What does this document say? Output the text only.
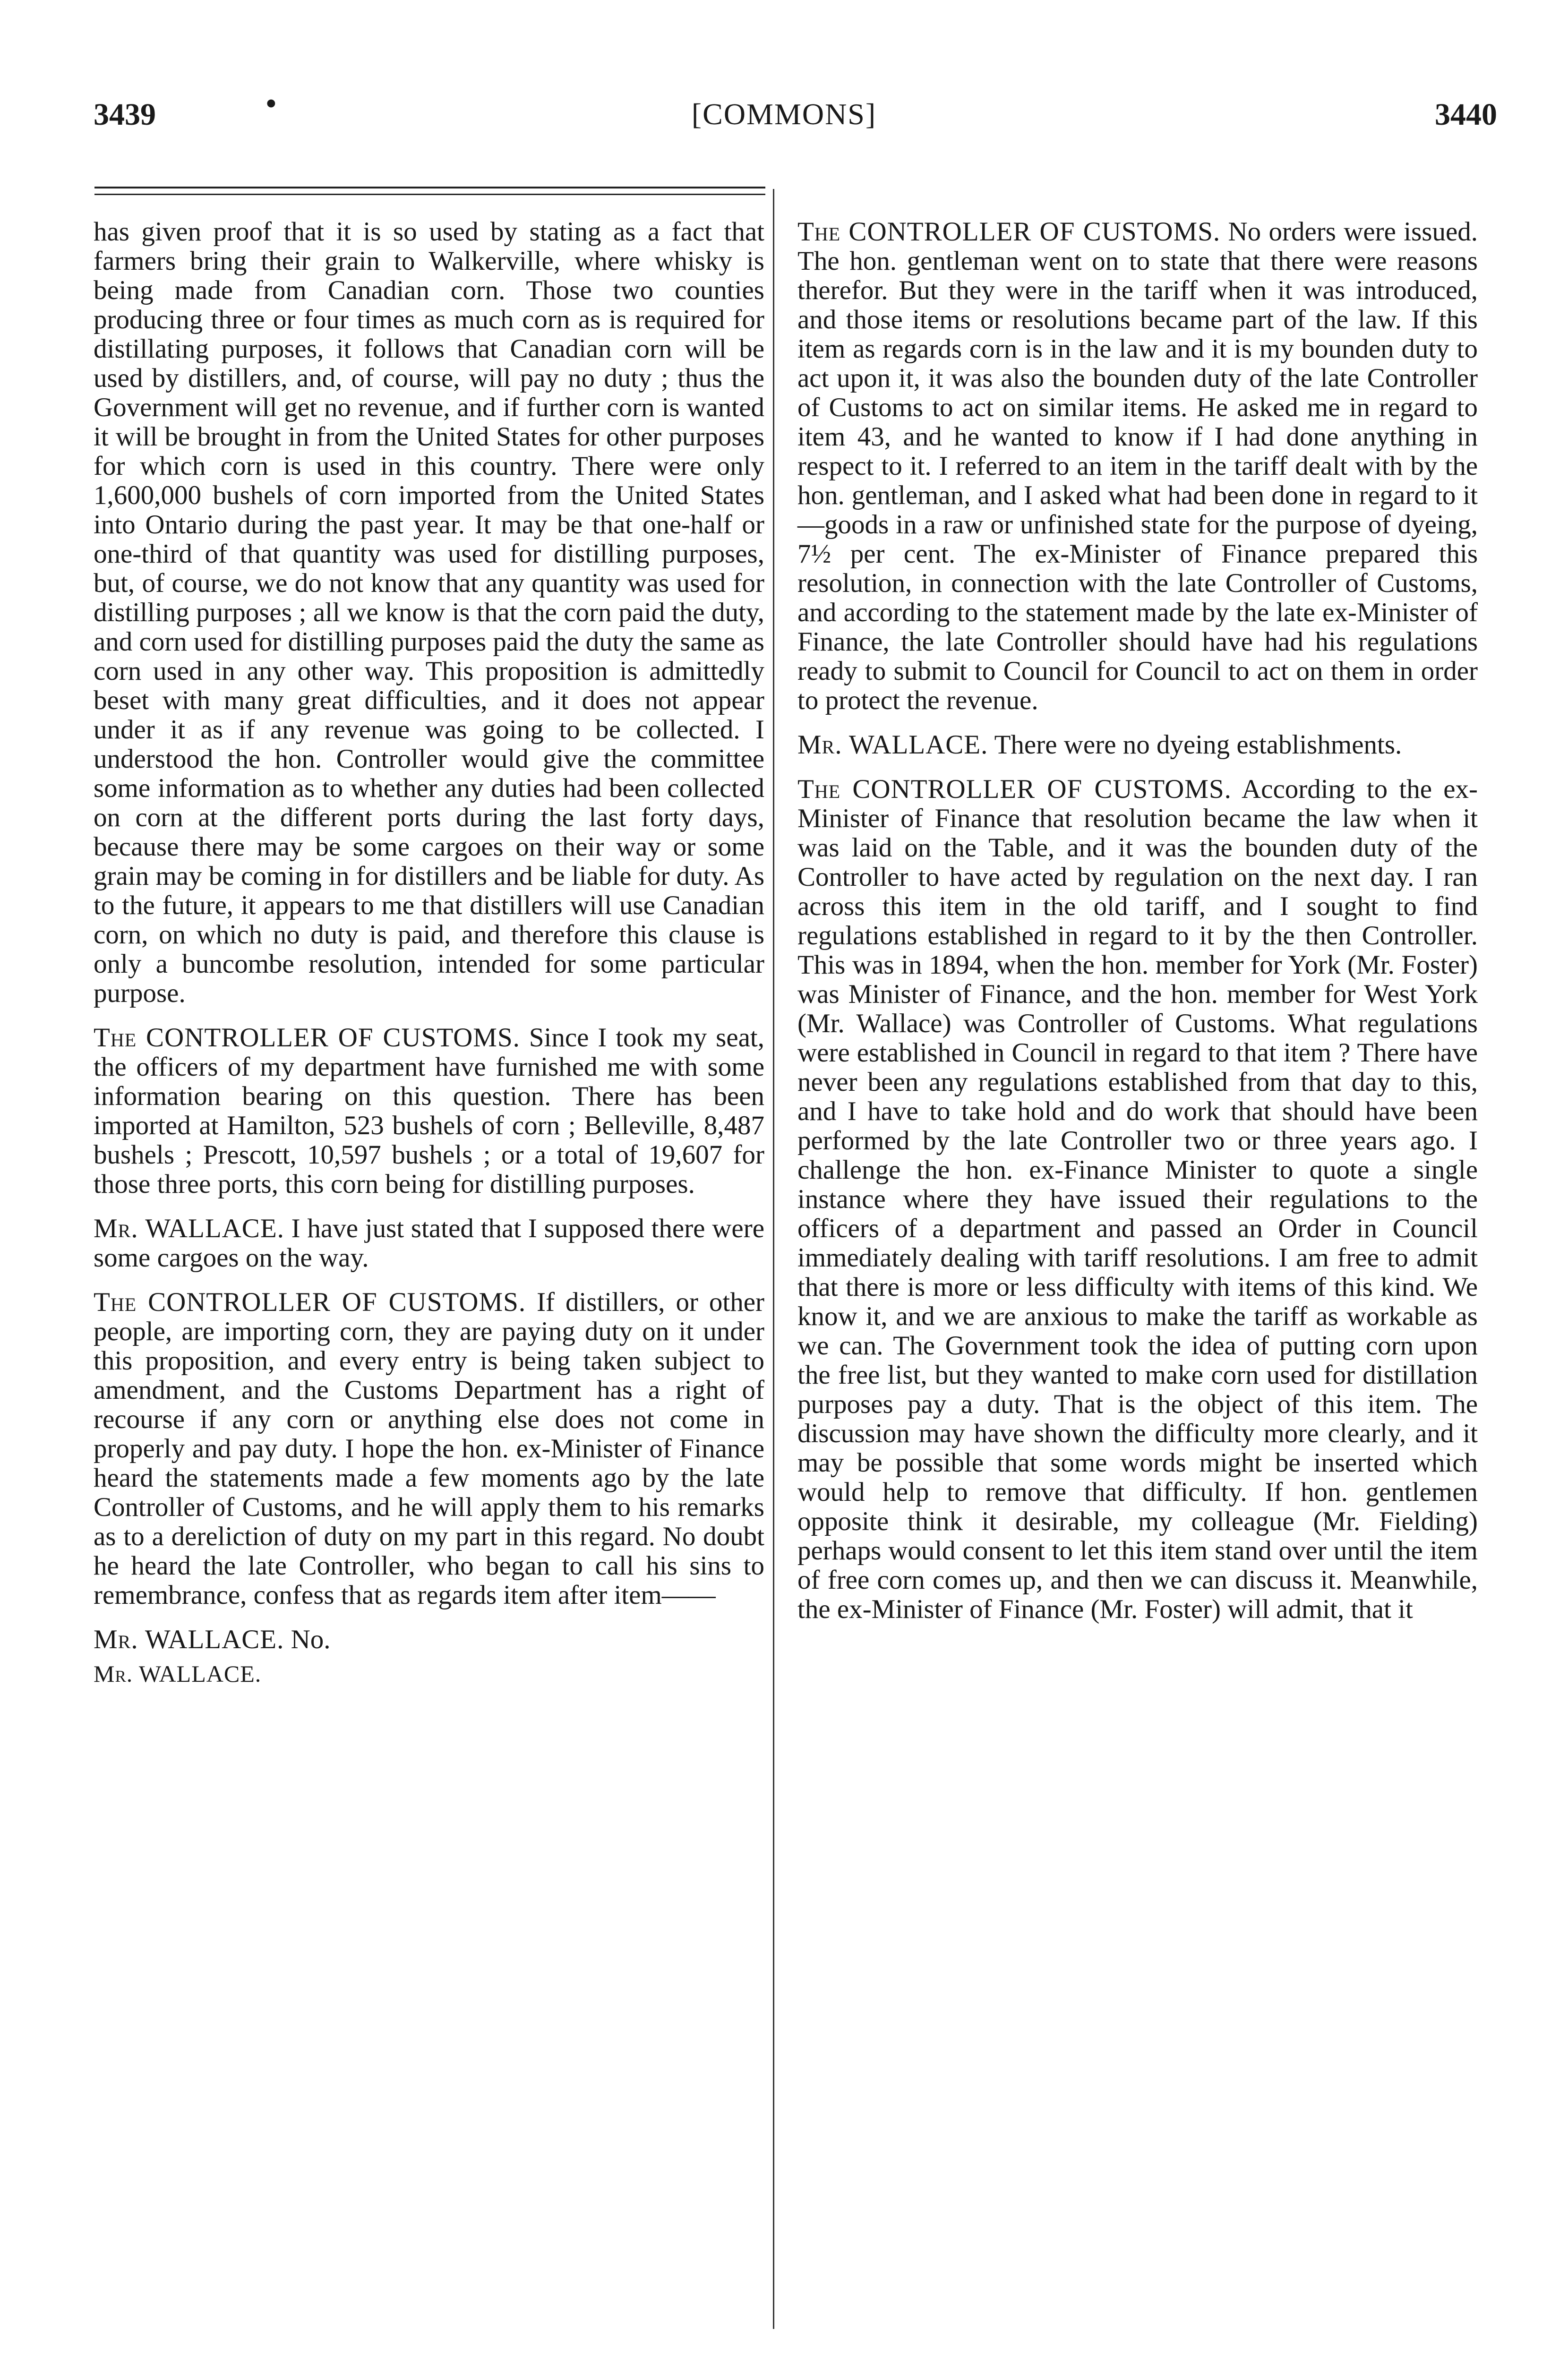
3439	•	[COMMONS]	3440

has given proof that it is so used by stating as a fact that farmers bring their grain to Walkerville, where whisky is being made from Canadian corn. Those two counties producing three or four times as much corn as is required for distillating purposes, it follows that Canadian corn will be used by distillers, and, of course, will pay no duty ; thus the Government will get no revenue, and if further corn is wanted it will be brought in from the United States for other purposes for which corn is used in this country. There were only 1,600,000 bushels of corn imported from the United States into Ontario during the past year. It may be that one-half or one-third of that quantity was used for distilling purposes, but, of course, we do not know that any quantity was used for distilling purposes ; all we know is that the corn paid the duty, and corn used for distilling purposes paid the duty the same as corn used in any other way. This proposition is admittedly beset with many great difficulties, and it does not appear under it as if any revenue was going to be collected. I understood the hon. Controller would give the committee some information as to whether any duties had been collected on corn at the different ports during the last forty days, because there may be some cargoes on their way or some grain may be coming in for distillers and be liable for duty. As to the future, it appears to me that distillers will use Canadian corn, on which no duty is paid, and therefore this clause is only a buncombe resolution, intended for some particular purpose.

The CONTROLLER OF CUSTOMS. Since I took my seat, the officers of my department have furnished me with some information bearing on this question. There has been imported at Hamilton, 523 bushels of corn ; Belleville, 8,487 bushels ; Prescott, 10,597 bushels ; or a total of 19,607 for those three ports, this corn being for distilling purposes.

Mr. WALLACE. I have just stated that I supposed there were some cargoes on the way.

The CONTROLLER OF CUSTOMS. If distillers, or other people, are importing corn, they are paying duty on it under this proposition, and every entry is being taken subject to amendment, and the Customs Department has a right of recourse if any corn or anything else does not come in properly and pay duty. I hope the hon. ex-Minister of Finance heard the statements made a few moments ago by the late Controller of Customs, and he will apply them to his remarks as to a dereliction of duty on my part in this regard. No doubt he heard the late Controller, who began to call his sins to remembrance, confess that as regards item after item——

Mr. WALLACE. No.

Mr. WALLACE.

The CONTROLLER OF CUSTOMS. No orders were issued. The hon. gentleman went on to state that there were reasons therefor. But they were in the tariff when it was introduced, and those items or resolutions became part of the law. If this item as regards corn is in the law and it is my bounden duty to act upon it, it was also the bounden duty of the late Controller of Customs to act on similar items. He asked me in regard to item 43, and he wanted to know if I had done anything in respect to it. I referred to an item in the tariff dealt with by the hon. gentleman, and I asked what had been done in regard to it—goods in a raw or unfinished state for the purpose of dyeing, 7½ per cent. The ex-Minister of Finance prepared this resolution, in connection with the late Controller of Customs, and according to the statement made by the late ex-Minister of Finance, the late Controller should have had his regulations ready to submit to Council for Council to act on them in order to protect the revenue.

Mr. WALLACE. There were no dyeing establishments.

The CONTROLLER OF CUSTOMS. According to the ex-Minister of Finance that resolution became the law when it was laid on the Table, and it was the bounden duty of the Controller to have acted by regulation on the next day. I ran across this item in the old tariff, and I sought to find regulations established in regard to it by the then Controller. This was in 1894, when the hon. member for York (Mr. Foster) was Minister of Finance, and the hon. member for West York (Mr. Wallace) was Controller of Customs. What regulations were established in Council in regard to that item ? There have never been any regulations established from that day to this, and I have to take hold and do work that should have been performed by the late Controller two or three years ago. I challenge the hon. ex-Finance Minister to quote a single instance where they have issued their regulations to the officers of a department and passed an Order in Council immediately dealing with tariff resolutions. I am free to admit that there is more or less difficulty with items of this kind. We know it, and we are anxious to make the tariff as workable as we can. The Government took the idea of putting corn upon the free list, but they wanted to make corn used for distillation purposes pay a duty. That is the object of this item. The discussion may have shown the difficulty more clearly, and it may be possible that some words might be inserted which would help to remove that difficulty. If hon. gentlemen opposite think it desirable, my colleague (Mr. Fielding) perhaps would consent to let this item stand over until the item of free corn comes up, and then we can discuss it. Meanwhile, the ex-Minister of Finance (Mr. Foster) will admit, that it
